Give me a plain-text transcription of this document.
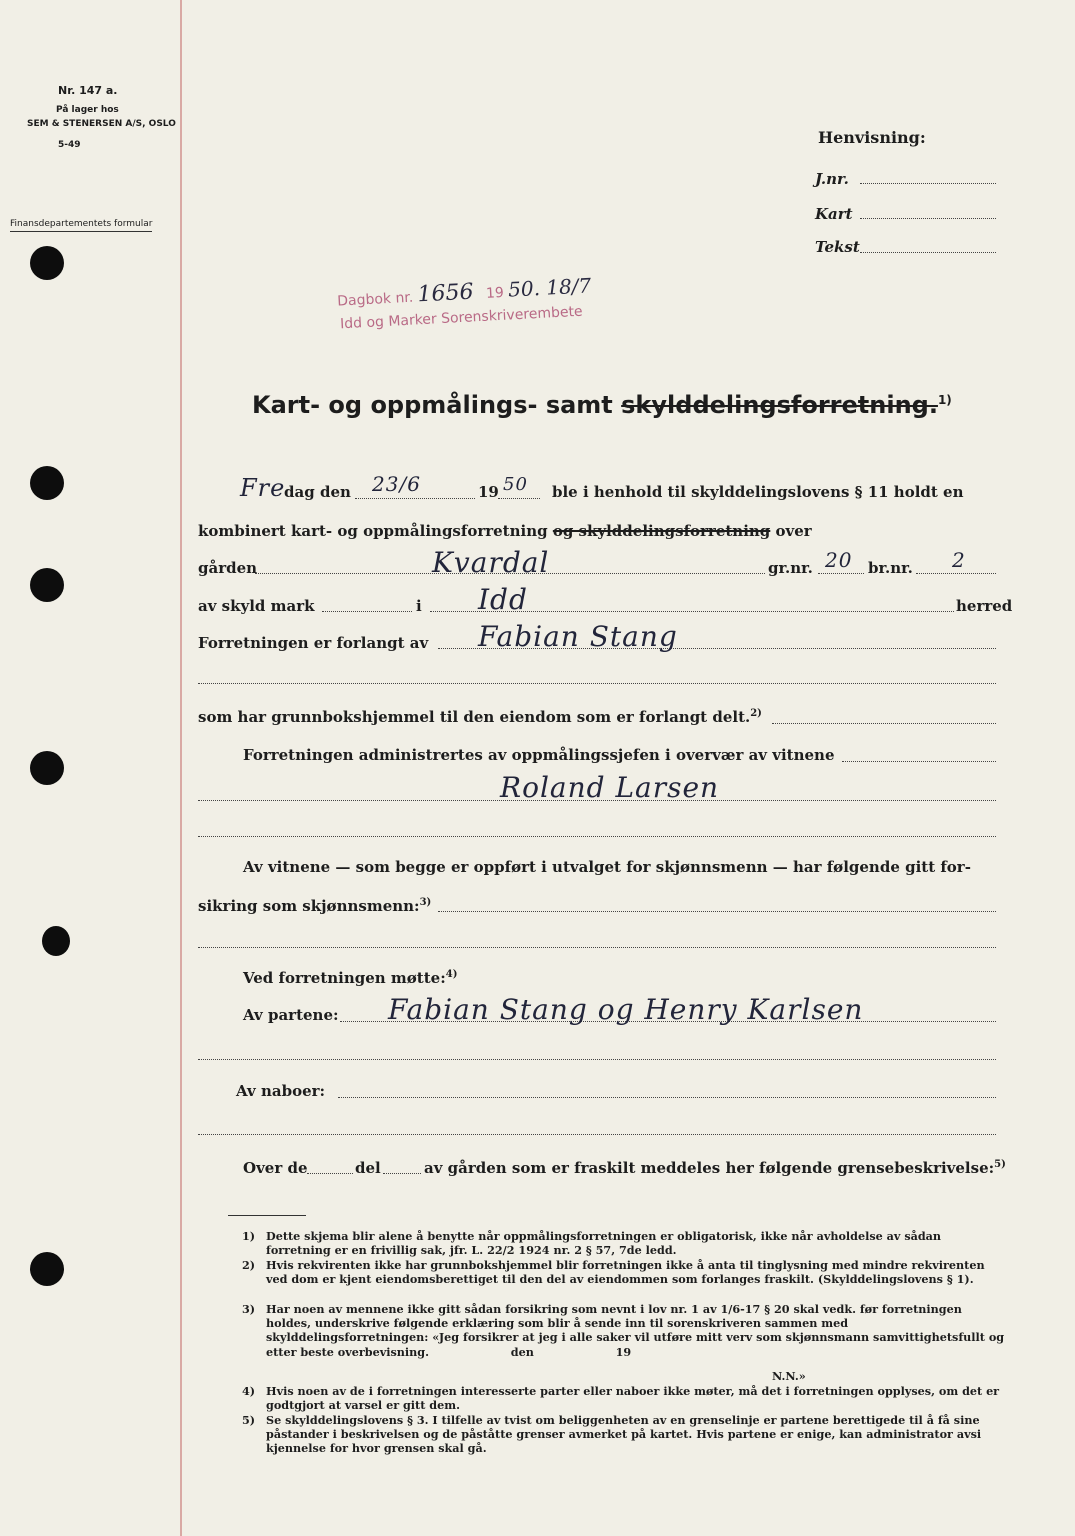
Nr. 147 a.
På lager hos
SEM & STENERSEN A/S, OSLO
5-49
Finansdepartementets formular
Henvisning:
J.nr.
Kart
Tekst
Dagbok nr. 1656 19 50. 18/7
Idd og Marker Sorenskriverembete
Kart- og oppmålings- samt skylddelingsforretning.$^{1)}$
Fre
dag den 23/6	19 50 ble i henhold til skylddelingslovens § 11 holdt en
kombinert kart- og oppmålingsforretning og skylddelingsforretning over
gården	Kvardal	gr.nr. 20 br.nr. 2
av skyld mark	i Idd	herred
Forretningen er forlangt av Fabian Stang
som har grunnbokshjemmel til den eiendom som er forlangt delt.$^{2)}$
Forretningen administrertes av oppmålingssjefen i overvær av vitnene
Roland Larsen
Av vitnene — som begge er oppført i utvalget for skjønnsmenn — har følgende gitt for-
sikring som skjønnsmenn:$^{3)}$
Ved forretningen møtte:$^{4)}$
Av partene: Fabian Stang og Henry Karlsen
Av naboer:
Over de	del	av gården som er fraskilt meddeles her følgende grensebeskrivelse:$^{5)}$
1) Dette skjema blir alene å benytte når oppmålingsforretningen er obligatorisk, ikke når avholdelse av sådan forretning er en frivillig sak, jfr. L. 22/2 1924 nr. 2 § 57, 7de ledd.
2) Hvis rekvirenten ikke har grunnbokshjemmel blir forretningen ikke å anta til tinglysning med mindre rekvirenten ved dom er kjent eiendomsberettiget til den del av eiendommen som forlanges fraskilt. (Skylddelingslovens § 1).
3) Har noen av mennene ikke gitt sådan forsikring som nevnt i lov nr. 1 av 1/6-17 § 20 skal vedk. før forretningen holdes, underskrive følgende erklæring som blir å sende inn til sorenskriveren sammen med skylddelingsforretningen: «Jeg forsikrer at jeg i alle saker vil utføre mitt verv som skjønnsmann samvittighetsfullt og etter beste overbevisning.                     den                     19
N.N.»
4) Hvis noen av de i forretningen interesserte parter eller naboer ikke møter, må det i forretningen opplyses, om det er godtgjort at varsel er gitt dem.
5) Se skylddelingslovens § 3. I tilfelle av tvist om beliggenheten av en grenselinje er partene berettigede til å få sine påstander i beskrivelsen og de påståtte grenser avmerket på kartet. Hvis partene er enige, kan administrator avsi kjennelse for hvor grensen skal gå.
